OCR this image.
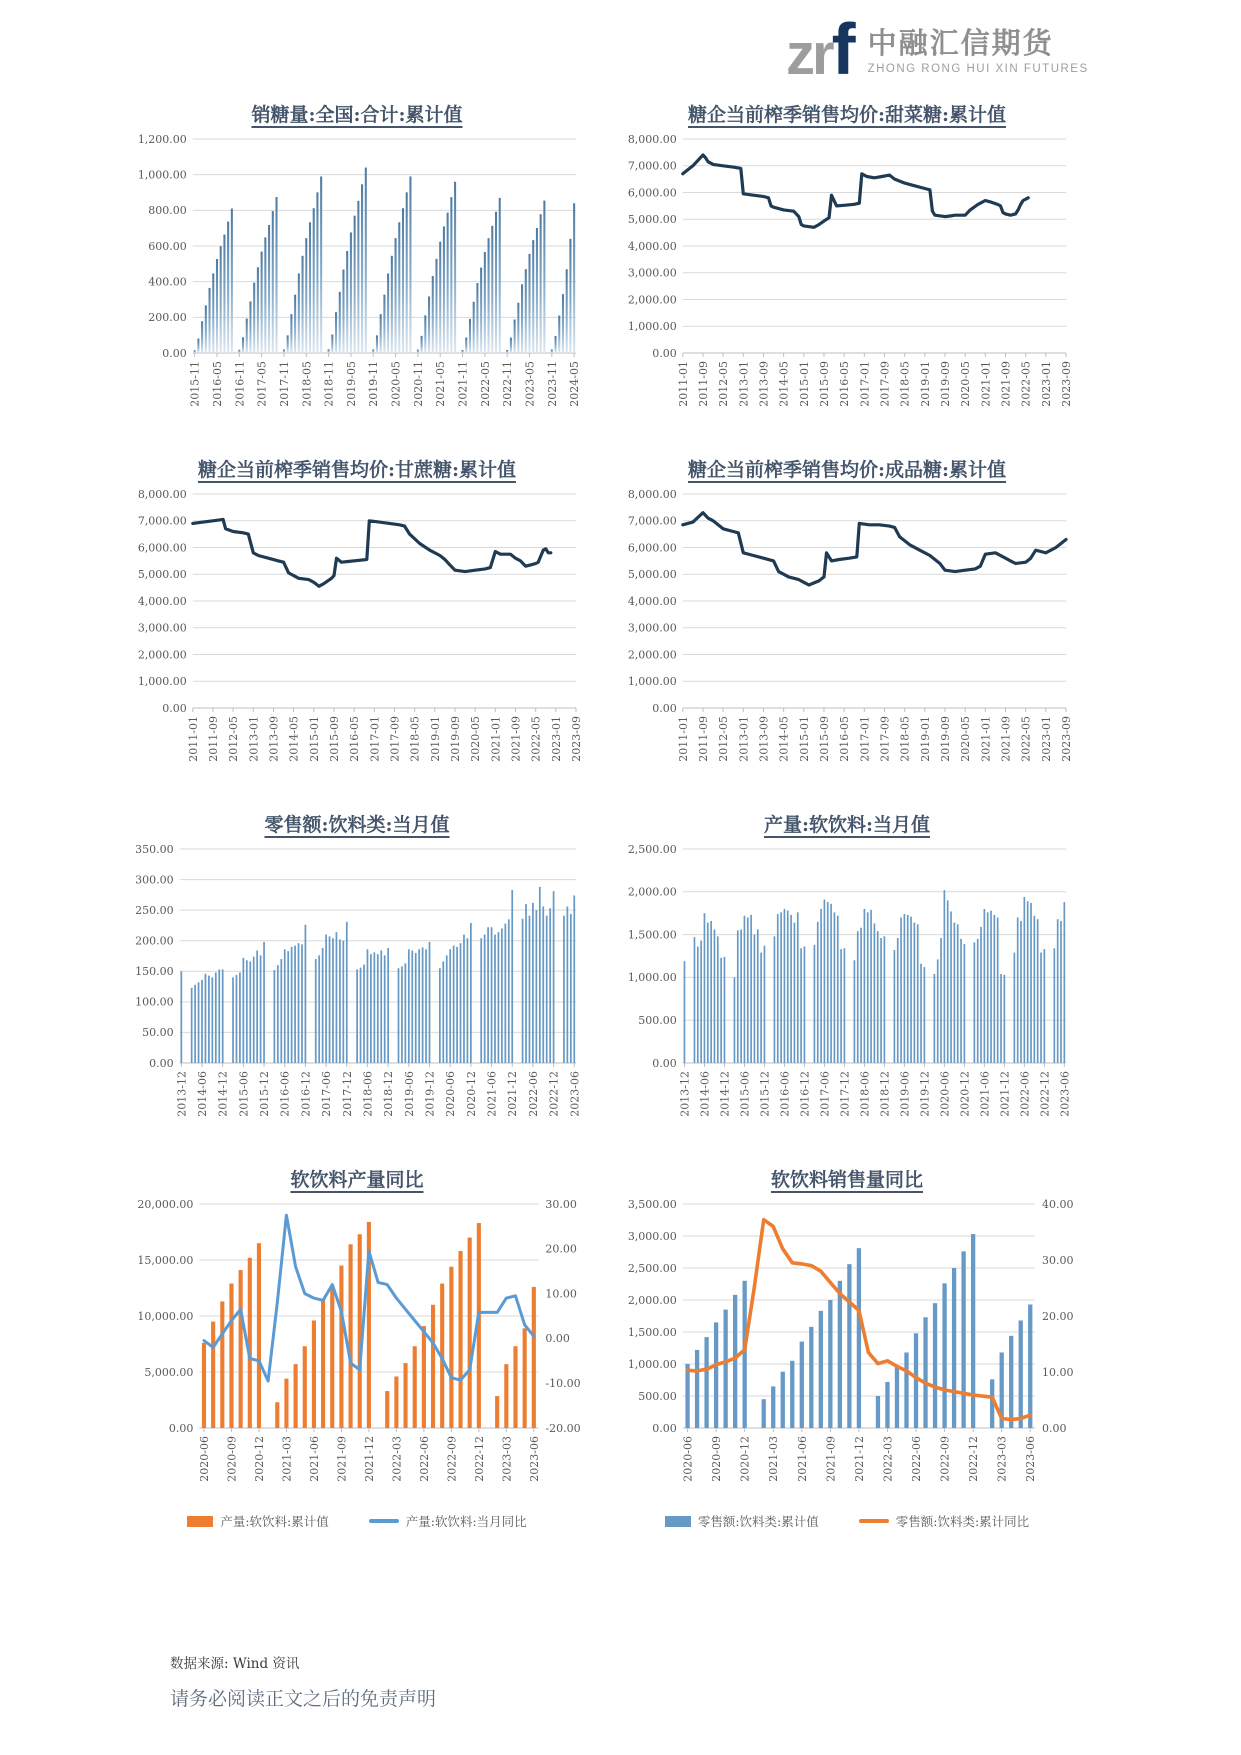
zrf 中融汇信期货
ZHONG RONG HUI XIN FUTURES
销糖量:全国:合计:累计值
0.00
200.00
400.00
600.00
800.00
1,000.00
1,200.00
2015-11 2016-05 2016-11 2017-05 2017-11 2018-05 2018-11 2019-05 2019-11 2020-05 2020-11 2021-05 2021-11 2022-05 2022-11 2023-05 2023-11 2024-05
糖企当前榨季销售均价:甜菜糖:累计值
0.00
1,000.00
2,000.00
3,000.00
4,000.00
5,000.00
6,000.00
7,000.00
8,000.00
2011-01 2011-09 2012-05 2013-01 2013-09 2014-05 2015-01 2015-09 2016-05 2017-01 2017-09 2018-05 2019-01 2019-09 2020-05 2021-01 2021-09 2022-05 2023-01 2023-09
糖企当前榨季销售均价:甘蔗糖:累计值
0.00
1,000.00
2,000.00
3,000.00
4,000.00
5,000.00
6,000.00
7,000.00
8,000.00
2011-01 2011-09 2012-05 2013-01 2013-09 2014-05 2015-01 2015-09 2016-05 2017-01 2017-09 2018-05 2019-01 2019-09 2020-05 2021-01 2021-09 2022-05 2023-01 2023-09
糖企当前榨季销售均价:成品糖:累计值
0.00
1,000.00
2,000.00
3,000.00
4,000.00
5,000.00
6,000.00
7,000.00
8,000.00
2011-01 2011-09 2012-05 2013-01 2013-09 2014-05 2015-01 2015-09 2016-05 2017-01 2017-09 2018-05 2019-01 2019-09 2020-05 2021-01 2021-09 2022-05 2023-01 2023-09
零售额:饮料类:当月值
0.00
50.00
100.00
150.00
200.00
250.00
300.00
350.00
2013-12 2014-06 2014-12 2015-06 2015-12 2016-06 2016-12 2017-06 2017-12 2018-06 2018-12 2019-06 2019-12 2020-06 2020-12 2021-06 2021-12 2022-06 2022-12 2023-06
产量:软饮料:当月值
0.00
500.00
1,000.00
1,500.00
2,000.00
2,500.00
2013-12 2014-06 2014-12 2015-06 2015-12 2016-06 2016-12 2017-06 2017-12 2018-06 2018-12 2019-06 2019-12 2020-06 2020-12 2021-06 2021-12 2022-06 2022-12 2023-06
软饮料产量同比
0.00
5,000.00
10,000.00
15,000.00
20,000.00
-20.00
-10.00
0.00
10.00
20.00
30.00
2020-06 2020-09 2020-12 2021-03 2021-06 2021-09 2021-12 2022-03 2022-06 2022-09 2022-12 2023-03 2023-06
产量:软饮料:累计值	产量:软饮料:当月同比
软饮料销售量同比
0.00
500.00
1,000.00
1,500.00
2,000.00
2,500.00
3,000.00
3,500.00
0.00
10.00
20.00
30.00
40.00
2020-06 2020-09 2020-12 2021-03 2021-06 2021-09 2021-12 2022-03 2022-06 2022-09 2022-12 2023-03 2023-06
零售额:饮料类:累计值	零售额:饮料类:累计同比
数据来源: Wind 资讯
请务必阅读正文之后的免责声明
